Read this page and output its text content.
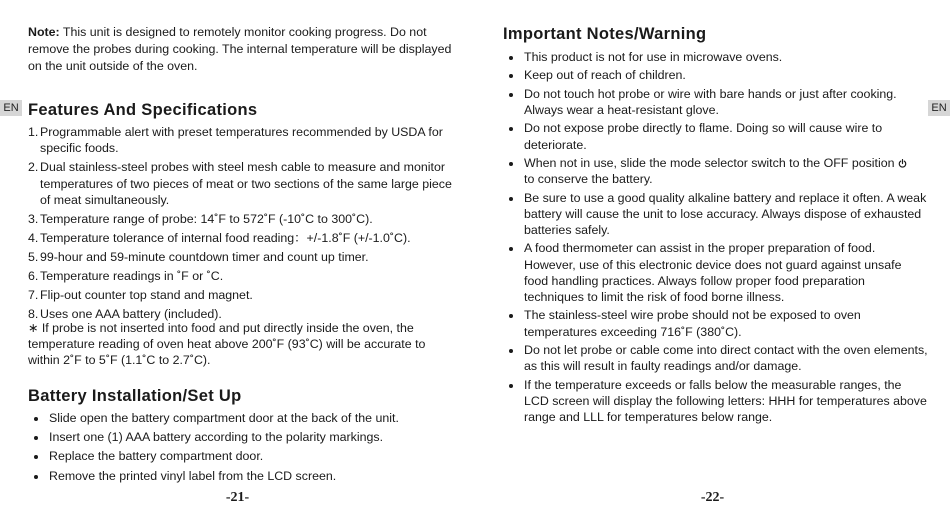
EN

Note: This unit is designed to remotely monitor cooking progress. Do not remove the probes during cooking. The internal temperature will be displayed on the unit outside of the oven.

Features And Specifications
1. Programmable alert with preset temperatures recommended by USDA for specific foods.
2. Dual stainless-steel probes with steel mesh cable to measure and monitor temperatures of two pieces of meat or two sections of the same large piece of meat simultaneously.
3. Temperature range of probe: 14˚F to 572˚F (-10˚C to 300˚C).
4. Temperature tolerance of internal food reading：+/-1.8˚F (+/-1.0˚C).
5. 99-hour and 59-minute countdown timer and count up timer.
6. Temperature readings in ˚F or ˚C.
7. Flip-out counter top stand and magnet.
8. Uses one AAA battery (included).

∗ If probe is not inserted into food and put directly inside the oven, the temperature reading of oven heat above 200˚F (93˚C) will be accurate to within 2˚F to 5˚F (1.1˚C to 2.7˚C).

Battery Installation/Set Up
Slide open the battery compartment door at the back of the unit.
Insert one (1) AAA battery according to the polarity markings.
Replace the battery compartment door.
Remove the printed vinyl label from the LCD screen.
-21-
EN
Important Notes/Warning
This product is not for use in microwave ovens.
Keep out of reach of children.
Do not touch hot probe or wire with bare hands or just after cooking. Always wear a heat-resistant glove.
Do not expose probe directly to flame. Doing so will cause wire to deteriorate.
When not in use, slide the mode selector switch to the OFF position
to conserve the battery.
Be sure to use a good quality alkaline battery and replace it often. A weak battery will cause the unit to lose accuracy. Always dispose of exhausted batteries safely.
A food thermometer can assist in the proper preparation of food. However, use of this electronic device does not guard against unsafe food handling practices. Always follow proper food preparation techniques to limit the risk of food borne illness.
The stainless-steel wire probe should not be exposed to oven temperatures exceeding 716˚F (380˚C).
Do not let probe or cable come into direct contact with the oven elements, as this will result in faulty readings and/or damage.
If the temperature exceeds or falls below the measurable ranges, the LCD screen will display the following letters: HHH for temperatures above range and LLL for temperatures below range.
-22-
